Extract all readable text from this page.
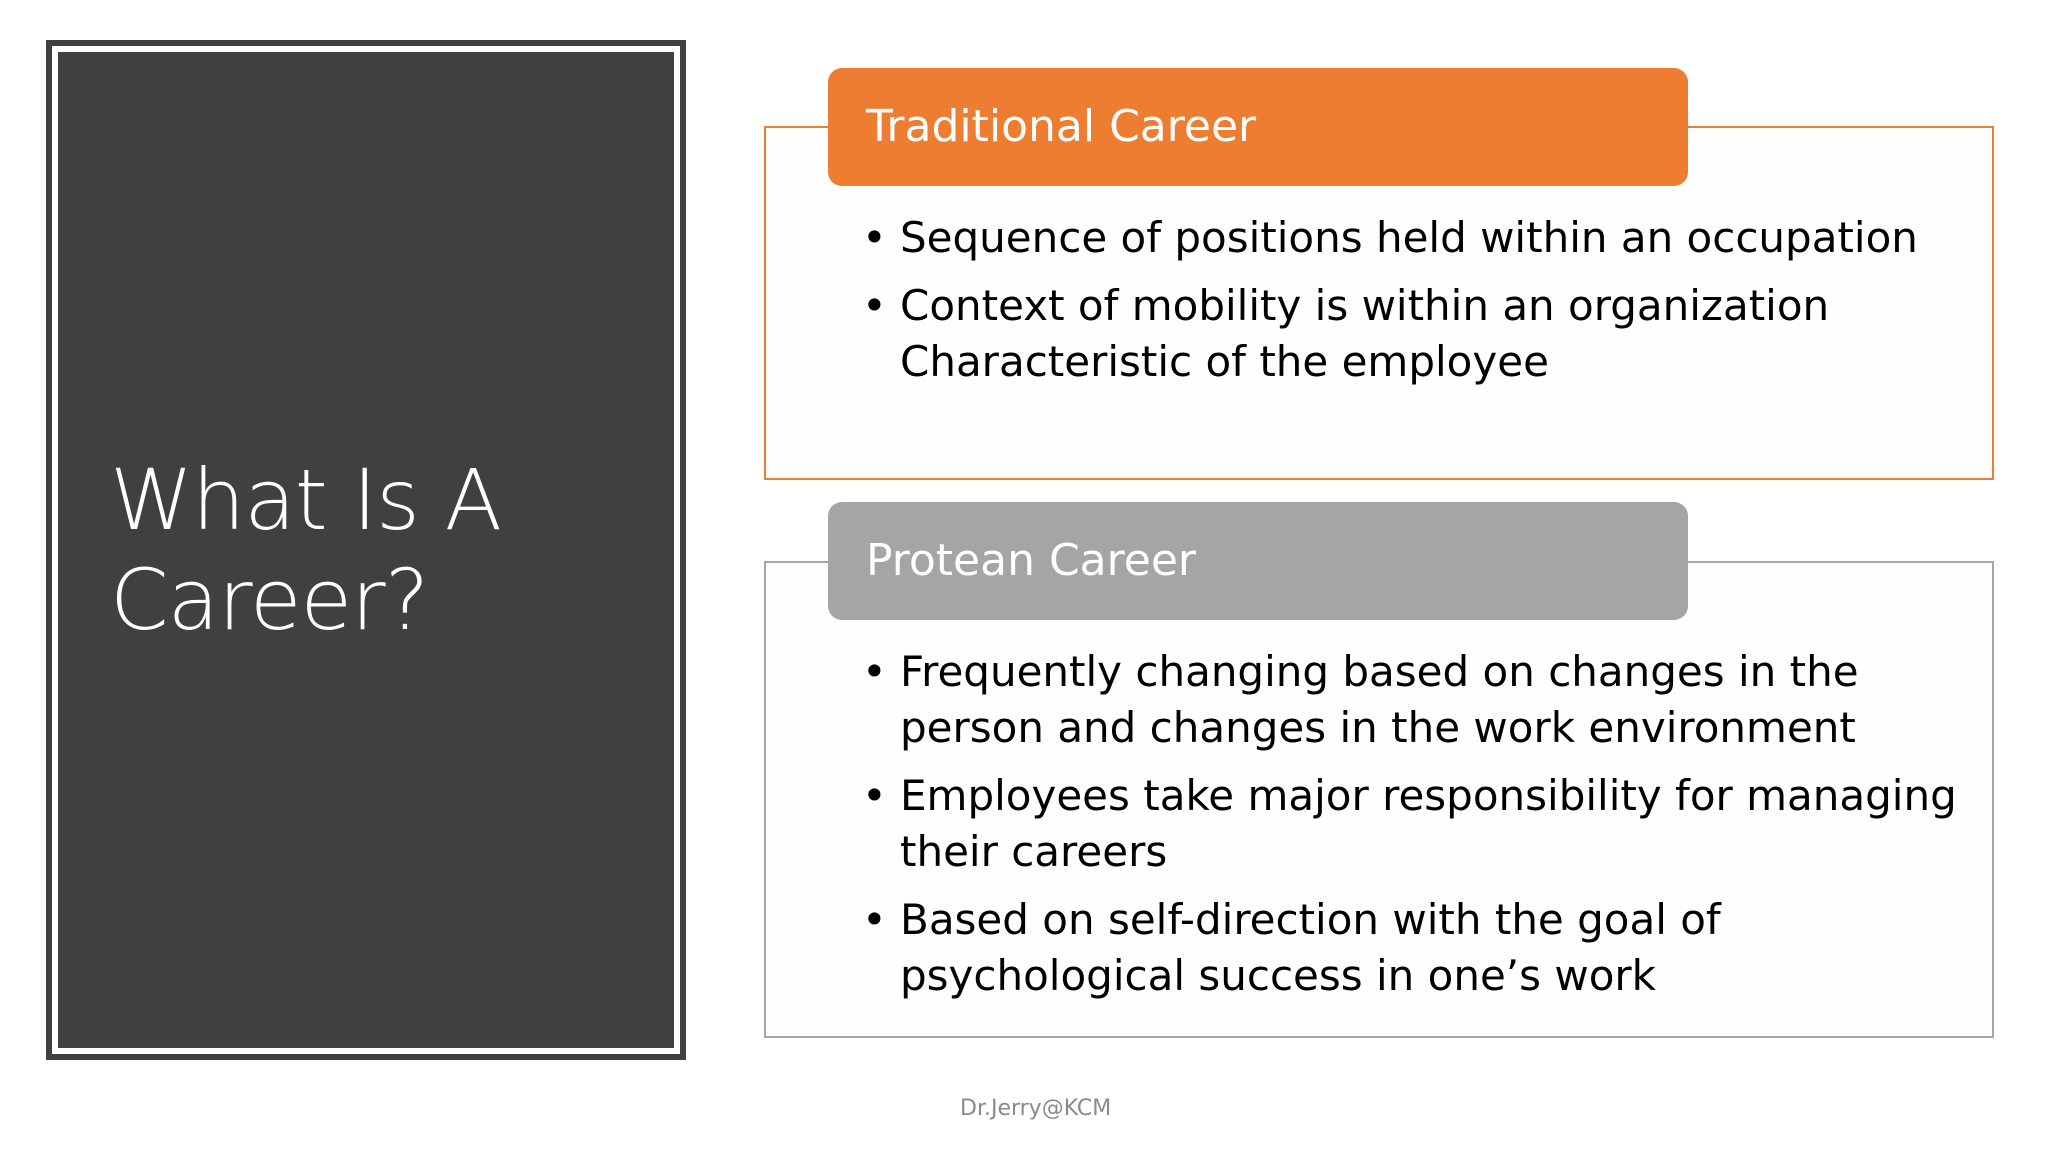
What Is A
Career?
Traditional Career
• Sequence of positions held within an occupation
• Context of mobility is within an organization Characteristic of the employee
Protean Career
• Frequently changing based on changes in the person and changes in the work environment
• Employees take major responsibility for managing their careers
• Based on self-direction with the goal of psychological success in one’s work
Dr.Jerry@KCM
